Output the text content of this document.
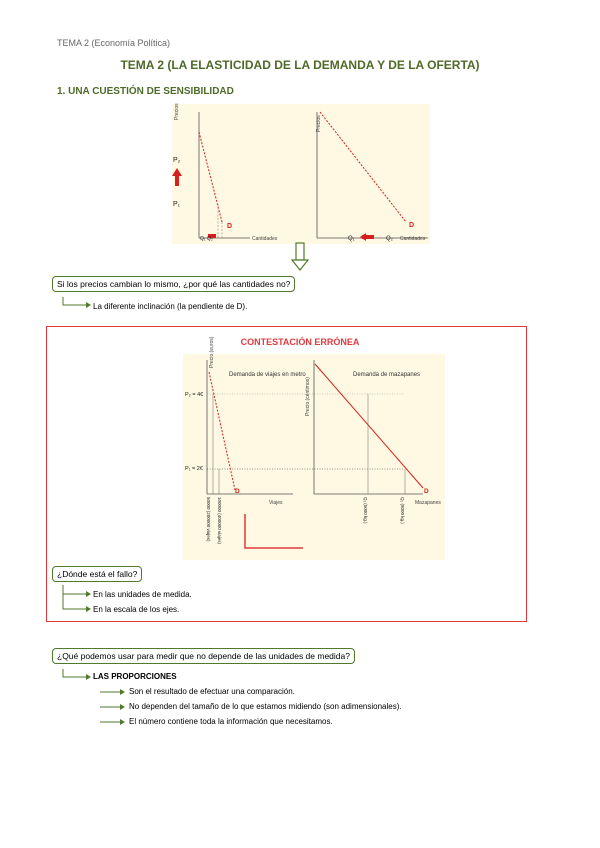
TEMA 2 (Economía Política)
TEMA 2 (LA ELASTICIDAD DE LA DEMANDA Y DE LA OFERTA)
1. UNA CUESTIÓN DE SENSIBILIDAD
Precios
P₂
P₁
D
Q₁ Q₂	Cantidades
Precios
D
Q₁	Q₂ Cantidades
Si los precios cambian lo mismo, ¿por qué las cantidades no?
La diferente inclinación (la pendiente de D).
CONTESTACIÓN ERRÓNEA
Precio (euros)
Demanda de viajes en metro
P₂ = 4€
P₁ = 2€
D
Viajes
50000 (200000 viajes) 100000 (400000 viajes)
Precio (céntimos)
Demanda de mazapanes
D
Mazapanes
Q₁ (5000 kg.)	Q₂ (8000 kg.)
¿Dónde está el fallo?
En las unidades de medida.
En la escala de los ejes.
¿Qué podemos usar para medir que no depende de las unidades de medida?
LAS PROPORCIONES
Son el resultado de efectuar una comparación.
No dependen del tamaño de lo que estamos midiendo (son adimensionales).
El número contiene toda la información que necesitamos.
